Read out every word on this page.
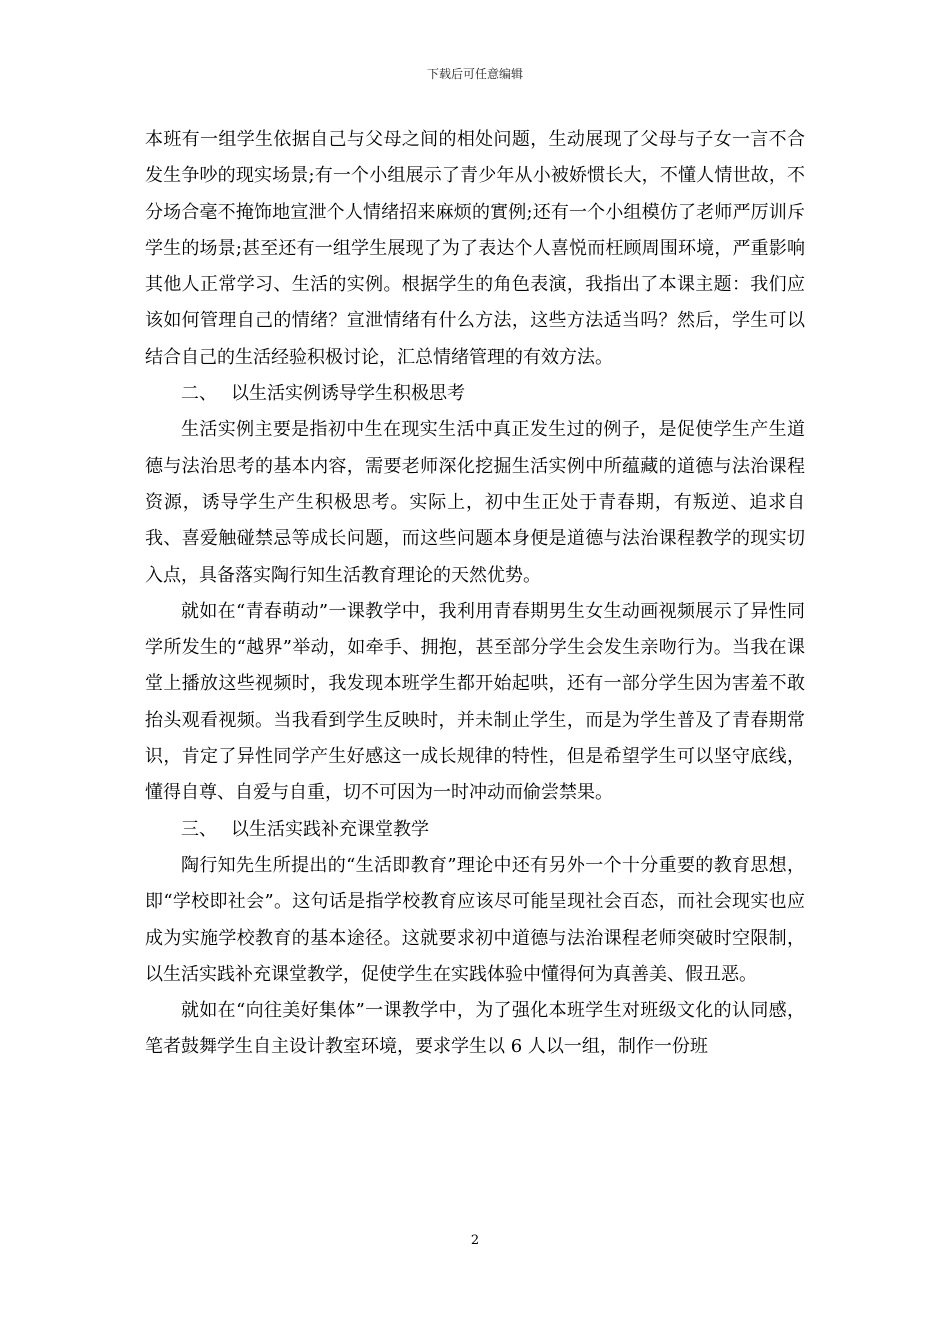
下载后可任意编辑

本班有一组学生依据自己与父母之间的相处问题，生动展现了父母与子女一言不合发生争吵的现实场景;有一个小组展示了青少年从小被娇惯长大，不懂人情世故，不分场合毫不掩饰地宣泄个人情绪招来麻烦的實例;还有一个小组模仿了老师严厉训斥学生的场景;甚至还有一组学生展现了为了表达个人喜悦而枉顾周围环境，严重影响其他人正常学习、生活的实例。根据学生的角色表演，我指出了本课主题：我们应该如何管理自己的情绪？宣泄情绪有什么方法，这些方法适当吗？然后，学生可以结合自己的生活经验积极讨论，汇总情绪管理的有效方法。

二、 以生活实例诱导学生积极思考

生活实例主要是指初中生在现实生活中真正发生过的例子，是促使学生产生道德与法治思考的基本内容，需要老师深化挖掘生活实例中所蕴藏的道德与法治课程资源，诱导学生产生积极思考。实际上，初中生正处于青春期，有叛逆、追求自我、喜爱触碰禁忌等成长问题，而这些问题本身便是道德与法治课程教学的现实切入点，具备落实陶行知生活教育理论的天然优势。

就如在“青春萌动”一课教学中，我利用青春期男生女生动画视频展示了异性同学所发生的“越界”举动，如牵手、拥抱，甚至部分学生会发生亲吻行为。当我在课堂上播放这些视频时，我发现本班学生都开始起哄，还有一部分学生因为害羞不敢抬头观看视频。当我看到学生反映时，并未制止学生，而是为学生普及了青春期常识，肯定了异性同学产生好感这一成长规律的特性，但是希望学生可以坚守底线，懂得自尊、自爱与自重，切不可因为一时冲动而偷尝禁果。

三、 以生活实践补充课堂教学

陶行知先生所提出的“生活即教育”理论中还有另外一个十分重要的教育思想，即“学校即社会”。这句话是指学校教育应该尽可能呈现社会百态，而社会现实也应成为实施学校教育的基本途径。这就要求初中道德与法治课程老师突破时空限制，以生活实践补充课堂教学，促使学生在实践体验中懂得何为真善美、假丑恶。

就如在“向往美好集体”一课教学中，为了强化本班学生对班级文化的认同感，笔者鼓舞学生自主设计教室环境，要求学生以 6 人以一组，制作一份班

2
